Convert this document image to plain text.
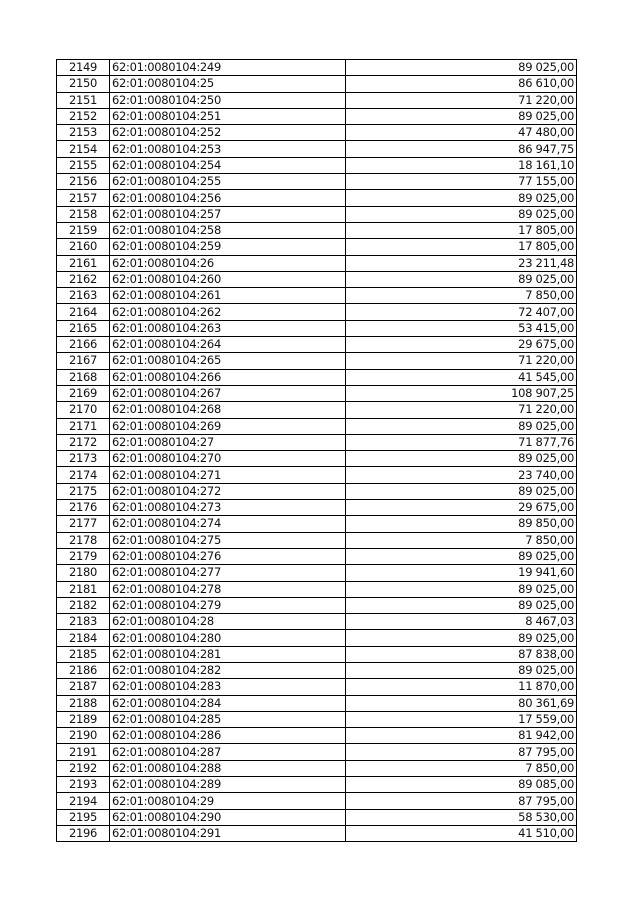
2149	62:01:0080104:249	89 025,00
2150	62:01:0080104:25	86 610,00
2151	62:01:0080104:250	71 220,00
2152	62:01:0080104:251	89 025,00
2153	62:01:0080104:252	47 480,00
2154	62:01:0080104:253	86 947,75
2155	62:01:0080104:254	18 161,10
2156	62:01:0080104:255	77 155,00
2157	62:01:0080104:256	89 025,00
2158	62:01:0080104:257	89 025,00
2159	62:01:0080104:258	17 805,00
2160	62:01:0080104:259	17 805,00
2161	62:01:0080104:26	23 211,48
2162	62:01:0080104:260	89 025,00
2163	62:01:0080104:261	7 850,00
2164	62:01:0080104:262	72 407,00
2165	62:01:0080104:263	53 415,00
2166	62:01:0080104:264	29 675,00
2167	62:01:0080104:265	71 220,00
2168	62:01:0080104:266	41 545,00
2169	62:01:0080104:267	108 907,25
2170	62:01:0080104:268	71 220,00
2171	62:01:0080104:269	89 025,00
2172	62:01:0080104:27	71 877,76
2173	62:01:0080104:270	89 025,00
2174	62:01:0080104:271	23 740,00
2175	62:01:0080104:272	89 025,00
2176	62:01:0080104:273	29 675,00
2177	62:01:0080104:274	89 850,00
2178	62:01:0080104:275	7 850,00
2179	62:01:0080104:276	89 025,00
2180	62:01:0080104:277	19 941,60
2181	62:01:0080104:278	89 025,00
2182	62:01:0080104:279	89 025,00
2183	62:01:0080104:28	8 467,03
2184	62:01:0080104:280	89 025,00
2185	62:01:0080104:281	87 838,00
2186	62:01:0080104:282	89 025,00
2187	62:01:0080104:283	11 870,00
2188	62:01:0080104:284	80 361,69
2189	62:01:0080104:285	17 559,00
2190	62:01:0080104:286	81 942,00
2191	62:01:0080104:287	87 795,00
2192	62:01:0080104:288	7 850,00
2193	62:01:0080104:289	89 085,00
2194	62:01:0080104:29	87 795,00
2195	62:01:0080104:290	58 530,00
2196	62:01:0080104:291	41 510,00
